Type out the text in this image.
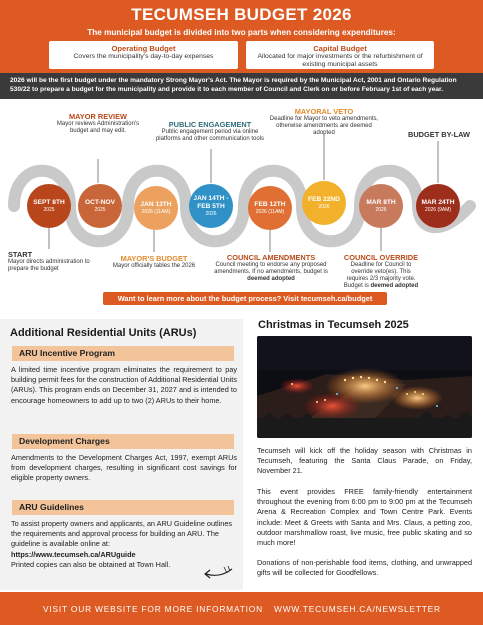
TECUMSEH BUDGET 2026
The municipal budget is divided into two parts when considering expenditures:
Operating Budget
Covers the municipality's day-to-day expenses
Capital Budget
Allocated for major investments or the refurbishment of existing municipal assets
2026 will be the first budget under the mandatory Strong Mayor's Act. The Mayor is required by the Municipal Act, 2001 and Ontario Regulation 530/22 to prepare a budget for the municipality and provide it to each member of Council and Clerk on or before February 1st of each year.
MAYOR REVIEW
Mayor reviews Administration's budget and may edit.
PUBLIC ENGAGEMENT
Public engagement period via online platforms and other communication tools
MAYORAL VETO
Deadline for Mayor to veto amendments, otherwise amendments are deemed adopted	BUDGET BY-LAW
SEPT 8TH
2025
OCT-NOV
2025
JAN 13TH
2026 (11AM)
JAN 14TH - FEB 5TH
2026
FEB 12TH
2026 (11AM)
FEB 22ND
2026
MAR 8TH
2026
MAR 24TH
2026 (9AM)
START
Mayor directs administration to prepare the budget
MAYOR'S BUDGET
Mayor officially tables the 2026
COUNCIL AMENDMENTS
Council meeting to endorse any proposed amendments. If no amendments, budget is deemed adopted
COUNCIL OVERRIDE
Deadline for Council to override veto(es). This requires 2/3 majority vote. Budget is deemed adopted
Want to learn more about the budget process? Visit tecumseh.ca/budget
Additional Residential Units (ARUs)
ARU Incentive Program
A limited time incentive program eliminates the requirement to pay building permit fees for the construction of Additional Residential Units (ARUs). This program ends on December 31, 2027 and is intended to encourage homeowners to add up to two (2) ARUs to their home.
Development Charges
Amendments to the Development Charges Act, 1997, exempt ARUs from development charges, resulting in significant cost savings for eligible property owners.
ARU Guidelines
To assist property owners and applicants, an ARU Guideline outlines the requirements and approval process for building an ARU. The guideline is available online at:
https://www.tecumseh.ca/ARUguide
Printed copies can also be obtained at Town Hall.
Christmas in Tecumseh 2025
Tecumseh will kick off the holiday season with Christmas in Tecumseh, featuring the Santa Claus Parade, on Friday, November 21.
This event provides FREE family-friendly entertainment throughout the evening from 6:00 pm to 9:00 pm at the Tecumseh Arena & Recreation Complex and Town Centre Park. Events include: Meet & Greets with Santa and Mrs. Claus, a petting zoo, outdoor marshmallow roast, live music, free public skating and so much more!
Donations of non-perishable food items, clothing, and unwrapped gifts will be collected for Goodfellows.
VISIT OUR WEBSITE FOR MORE INFORMATION WWW.TECUMSEH.CA/NEWSLETTER
